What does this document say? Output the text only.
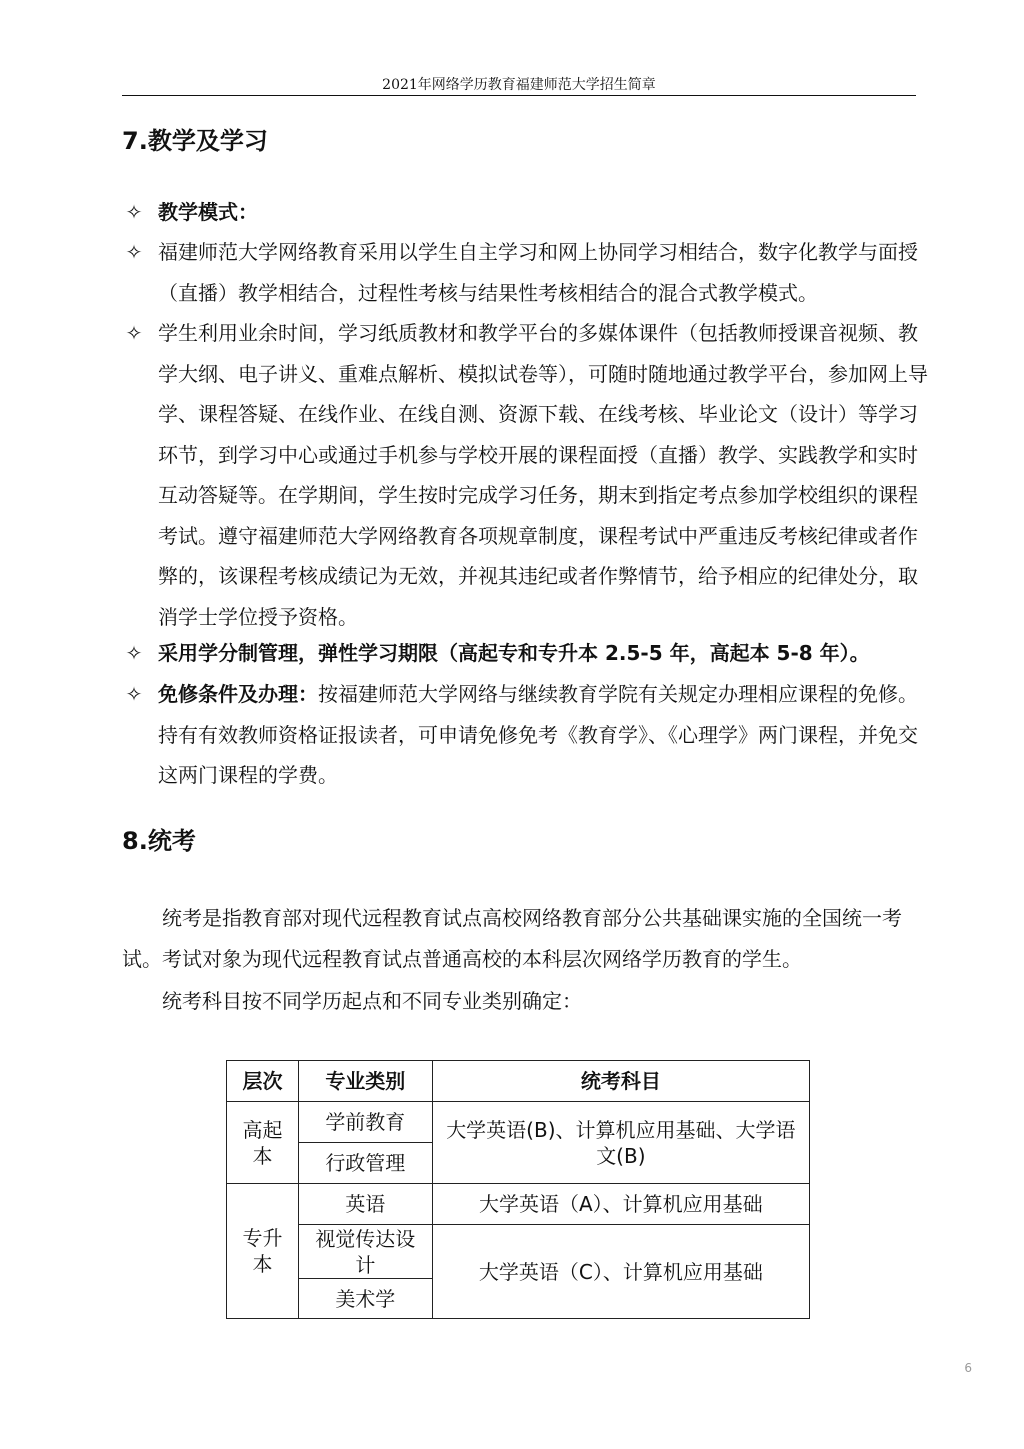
2021年网络学历教育福建师范大学招生简章
7.教学及学习
✧ 教学模式：
✧ 福建师范大学网络教育采用以学生自主学习和网上协同学习相结合，数字化教学与面授（直播）教学相结合，过程性考核与结果性考核相结合的混合式教学模式。
✧ 学生利用业余时间，学习纸质教材和教学平台的多媒体课件（包括教师授课音视频、教学大纲、电子讲义、重难点解析、模拟试卷等），可随时随地通过教学平台，参加网上导学、课程答疑、在线作业、在线自测、资源下载、在线考核、毕业论文（设计）等学习环节，到学习中心或通过手机参与学校开展的课程面授（直播）教学、实践教学和实时互动答疑等。在学期间，学生按时完成学习任务，期末到指定考点参加学校组织的课程考试。遵守福建师范大学网络教育各项规章制度，课程考试中严重违反考核纪律或者作弊的，该课程考核成绩记为无效，并视其违纪或者作弊情节，给予相应的纪律处分，取消学士学位授予资格。
✧ 采用学分制管理，弹性学习期限（高起专和专升本 2.5-5 年，高起本 5-8 年）。
✧ 免修条件及办理：按福建师范大学网络与继续教育学院有关规定办理相应课程的免修。持有有效教师资格证报读者，可申请免修免考《教育学》、《心理学》两门课程，并免交这两门课程的学费。
8.统考
统考是指教育部对现代远程教育试点高校网络教育部分公共基础课实施的全国统一考试。考试对象为现代远程教育试点普通高校的本科层次网络学历教育的学生。
统考科目按不同学历起点和不同专业类别确定：
层次	专业类别	统考科目
高起本	学前教育	大学英语(B)、计算机应用基础、大学语文(B)
	行政管理	
专升本	英语	大学英语（A）、计算机应用基础
	视觉传达设计	大学英语（C）、计算机应用基础
	美术学	
6
